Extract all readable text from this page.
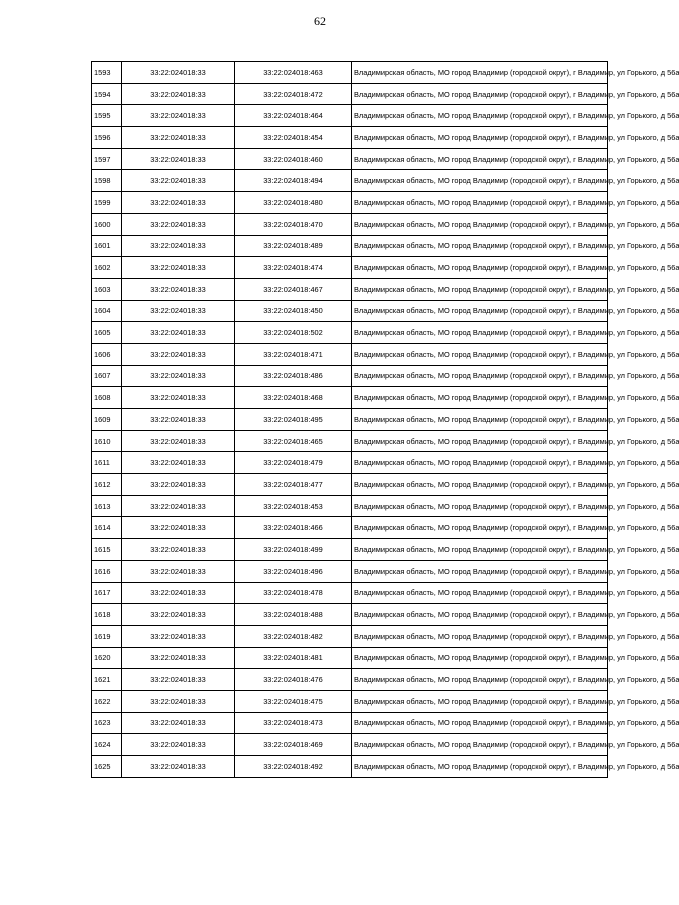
62
1593	33:22:024018:33	33:22:024018:463	Владимирская область, МО город Владимир (городской округ), г Владимир, ул Горького, д 56а
1594	33:22:024018:33	33:22:024018:472	Владимирская область, МО город Владимир (городской округ), г Владимир, ул Горького, д 56а
1595	33:22:024018:33	33:22:024018:464	Владимирская область, МО город Владимир (городской округ), г Владимир, ул Горького, д 56а
1596	33:22:024018:33	33:22:024018:454	Владимирская область, МО город Владимир (городской округ), г Владимир, ул Горького, д 56а
1597	33:22:024018:33	33:22:024018:460	Владимирская область, МО город Владимир (городской округ), г Владимир, ул Горького, д 56а
1598	33:22:024018:33	33:22:024018:494	Владимирская область, МО город Владимир (городской округ), г Владимир, ул Горького, д 56а
1599	33:22:024018:33	33:22:024018:480	Владимирская область, МО город Владимир (городской округ), г Владимир, ул Горького, д 56а
1600	33:22:024018:33	33:22:024018:470	Владимирская область, МО город Владимир (городской округ), г Владимир, ул Горького, д 56а
1601	33:22:024018:33	33:22:024018:489	Владимирская область, МО город Владимир (городской округ), г Владимир, ул Горького, д 56а
1602	33:22:024018:33	33:22:024018:474	Владимирская область, МО город Владимир (городской округ), г Владимир, ул Горького, д 56а
1603	33:22:024018:33	33:22:024018:467	Владимирская область, МО город Владимир (городской округ), г Владимир, ул Горького, д 56а
1604	33:22:024018:33	33:22:024018:450	Владимирская область, МО город Владимир (городской округ), г Владимир, ул Горького, д 56а
1605	33:22:024018:33	33:22:024018:502	Владимирская область, МО город Владимир (городской округ), г Владимир, ул Горького, д 56а
1606	33:22:024018:33	33:22:024018:471	Владимирская область, МО город Владимир (городской округ), г Владимир, ул Горького, д 56а
1607	33:22:024018:33	33:22:024018:486	Владимирская область, МО город Владимир (городской округ), г Владимир, ул Горького, д 56а
1608	33:22:024018:33	33:22:024018:468	Владимирская область, МО город Владимир (городской округ), г Владимир, ул Горького, д 56а
1609	33:22:024018:33	33:22:024018:495	Владимирская область, МО город Владимир (городской округ), г Владимир, ул Горького, д 56а
1610	33:22:024018:33	33:22:024018:465	Владимирская область, МО город Владимир (городской округ), г Владимир, ул Горького, д 56а
1611	33:22:024018:33	33:22:024018:479	Владимирская область, МО город Владимир (городской округ), г Владимир, ул Горького, д 56а
1612	33:22:024018:33	33:22:024018:477	Владимирская область, МО город Владимир (городской округ), г Владимир, ул Горького, д 56а
1613	33:22:024018:33	33:22:024018:453	Владимирская область, МО город Владимир (городской округ), г Владимир, ул Горького, д 56а
1614	33:22:024018:33	33:22:024018:466	Владимирская область, МО город Владимир (городской округ), г Владимир, ул Горького, д 56а
1615	33:22:024018:33	33:22:024018:499	Владимирская область, МО город Владимир (городской округ), г Владимир, ул Горького, д 56а
1616	33:22:024018:33	33:22:024018:496	Владимирская область, МО город Владимир (городской округ), г Владимир, ул Горького, д 56а
1617	33:22:024018:33	33:22:024018:478	Владимирская область, МО город Владимир (городской округ), г Владимир, ул Горького, д 56а
1618	33:22:024018:33	33:22:024018:488	Владимирская область, МО город Владимир (городской округ), г Владимир, ул Горького, д 56а
1619	33:22:024018:33	33:22:024018:482	Владимирская область, МО город Владимир (городской округ), г Владимир, ул Горького, д 56а
1620	33:22:024018:33	33:22:024018:481	Владимирская область, МО город Владимир (городской округ), г Владимир, ул Горького, д 56а
1621	33:22:024018:33	33:22:024018:476	Владимирская область, МО город Владимир (городской округ), г Владимир, ул Горького, д 56а
1622	33:22:024018:33	33:22:024018:475	Владимирская область, МО город Владимир (городской округ), г Владимир, ул Горького, д 56а
1623	33:22:024018:33	33:22:024018:473	Владимирская область, МО город Владимир (городской округ), г Владимир, ул Горького, д 56а
1624	33:22:024018:33	33:22:024018:469	Владимирская область, МО город Владимир (городской округ), г Владимир, ул Горького, д 56а
1625	33:22:024018:33	33:22:024018:492	Владимирская область, МО город Владимир (городской округ), г Владимир, ул Горького, д 56а
